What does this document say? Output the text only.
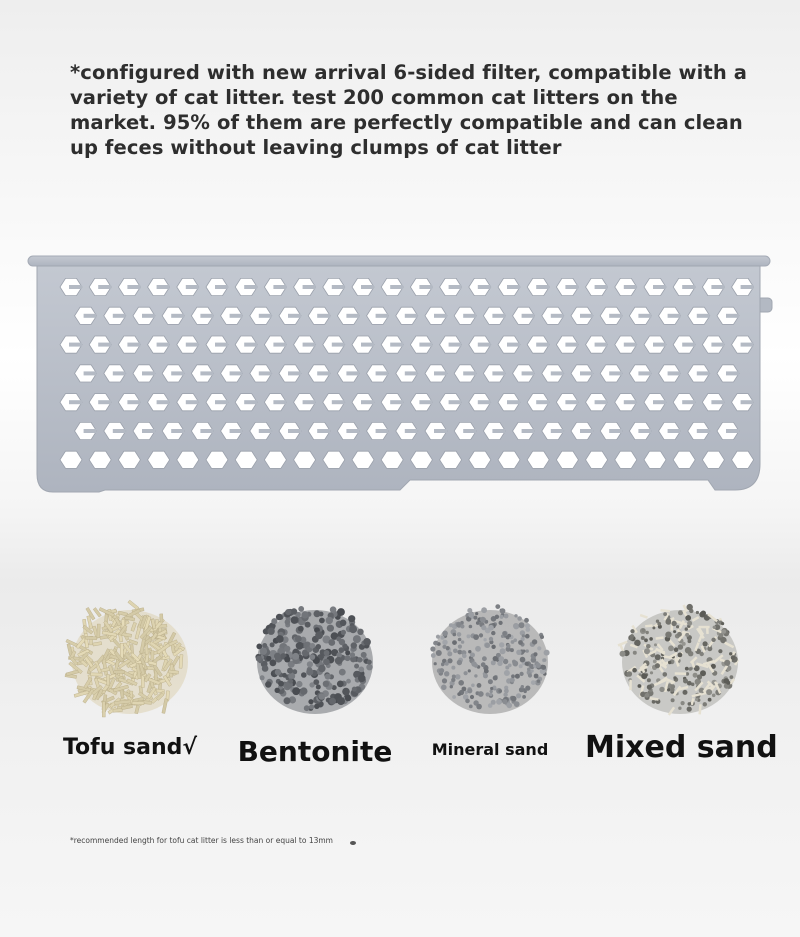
*configured with new arrival 6-sided filter, compatible with a variety of cat litter. test 200 common cat litters on the market. 95% of them are perfectly compatible and can clean up feces without leaving clumps of cat litter

Tofu sand√	Bentonite	Mineral sand	Mixed sand

*recommended length for tofu cat litter is less than or equal to 13mm
